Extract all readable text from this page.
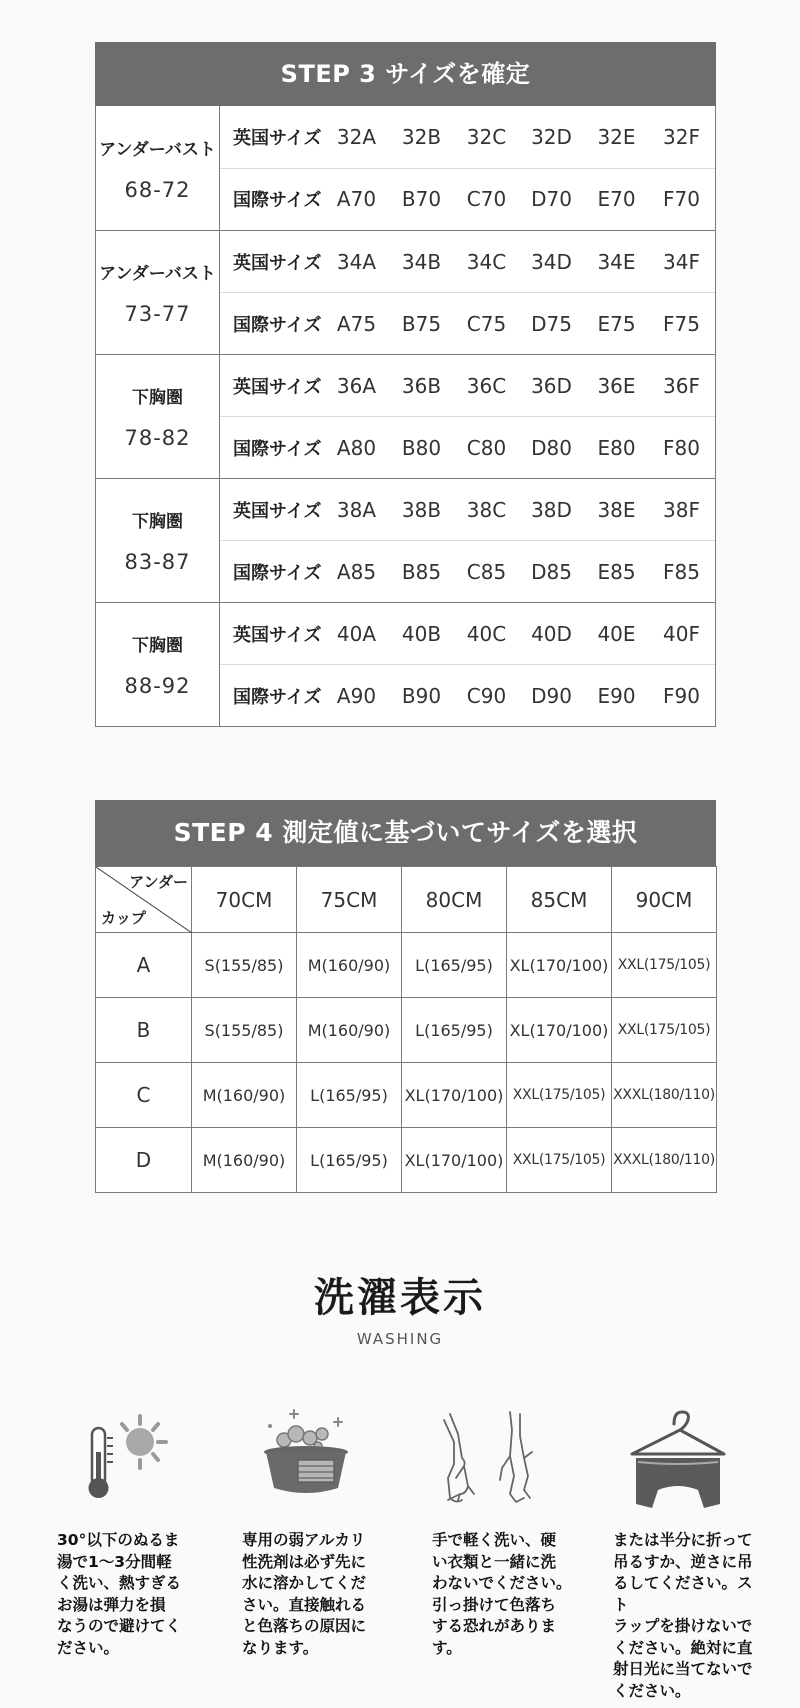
STEP 3 サイズを確定
アンダーバスト
68-72
英国サイズ 32A	32B	32C	32D	32E	32F
国際サイズ A70	B70	C70	D70	E70	F70
アンダーバスト
73-77
英国サイズ 34A	34B	34C	34D	34E	34F
国際サイズ A75	B75	C75	D75	E75	F75
下胸圏
78-82
英国サイズ 36A	36B	36C	36D	36E	36F
国際サイズ A80	B80	C80	D80	E80	F80
下胸圏
83-87
英国サイズ 38A	38B	38C	38D	38E	38F
国際サイズ A85	B85	C85	D85	E85	F85
下胸圏
88-92
英国サイズ 40A	40B	40C	40D	40E	40F
国際サイズ A90	B90	C90	D90	E90	F90
STEP 4 測定値に基づいてサイズを選択
アンダー
カップ	70CM	75CM	80CM	85CM	90CM
A	S(155/85)	M(160/90)	L(165/95)	XL(170/100)	XXL(175/105)
B	S(155/85)	M(160/90)	L(165/95)	XL(170/100)	XXL(175/105)
C	M(160/90)	L(165/95)	XL(170/100)	XXL(175/105)	XXXL(180/110)
D	M(160/90)	L(165/95)	XL(170/100)	XXL(175/105)	XXXL(180/110)
洗濯表示
WASHING
30°以下のぬるま
湯で1～3分間軽
く洗い、熱すぎる
お湯は弾力を損
なうので避けてく
ださい。
専用の弱アルカリ
性洗剤は必ず先に
水に溶かしてくだ
さい。直接触れる
と色落ちの原因に
なります。
手で軽く洗い、硬
い衣類と一緒に洗
わないでください。
引っ掛けて色落ち
する恐れがありま
す。
または半分に折って
吊るすか、逆さに吊
るしてください。スト
ラップを掛けないで
ください。絶対に直
射日光に当てないで
ください。
